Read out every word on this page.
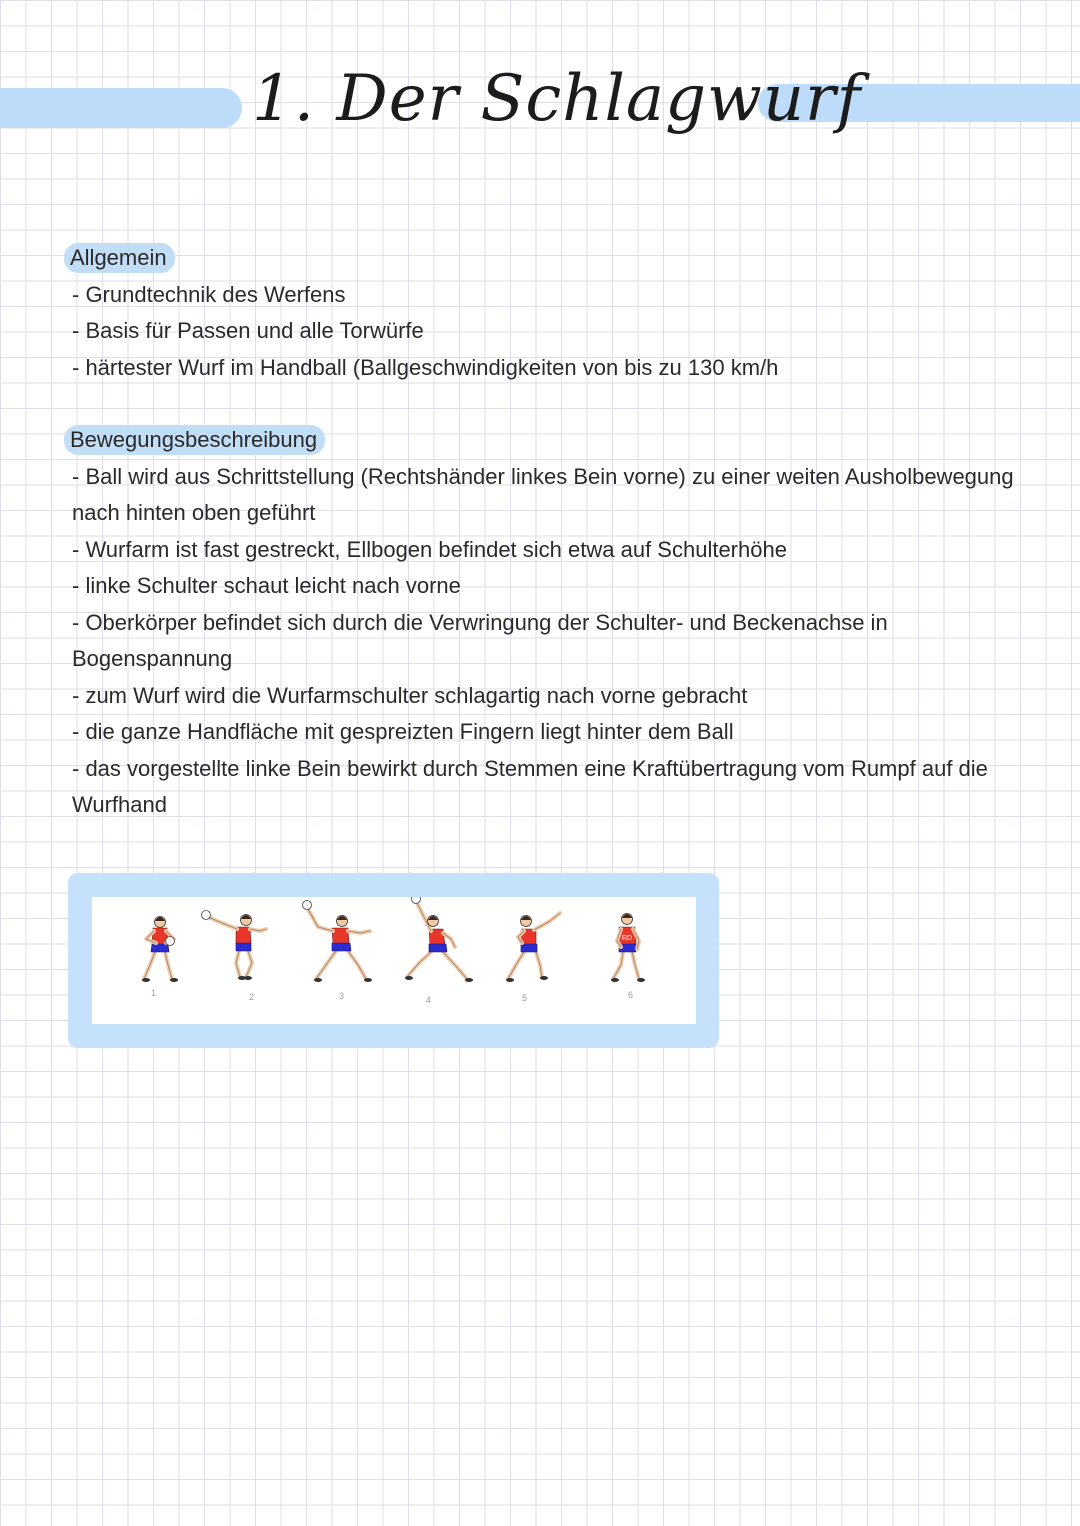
1. Der Schlagwurf
Allgemein

- Grundtechnik des Werfens

- Basis für Passen und alle Torwürfe

- härtester Wurf im Handball (Ballgeschwindigkeiten von bis zu 130 km/h

Bewegungsbeschreibung

- Ball wird aus Schrittstellung (Rechtshänder linkes Bein vorne) zu einer weiten Ausholbewegung nach hinten oben geführt

- Wurfarm ist fast gestreckt, Ellbogen befindet sich etwa auf Schulterhöhe

- linke Schulter schaut leicht nach vorne

- Oberkörper befindet sich durch die Verwringung der Schulter- und Beckenachse in Bogenspannung

- zum Wurf wird die Wurfarmschulter schlagartig nach vorne gebracht

- die ganze Handfläche mit gespreizten Fingern liegt hinter dem Ball

- das vorgestellte linke Bein bewirkt durch Stemmen eine Kraftübertragung vom Rumpf auf die Wurfhand

RD
1	2	3	4	5	6
